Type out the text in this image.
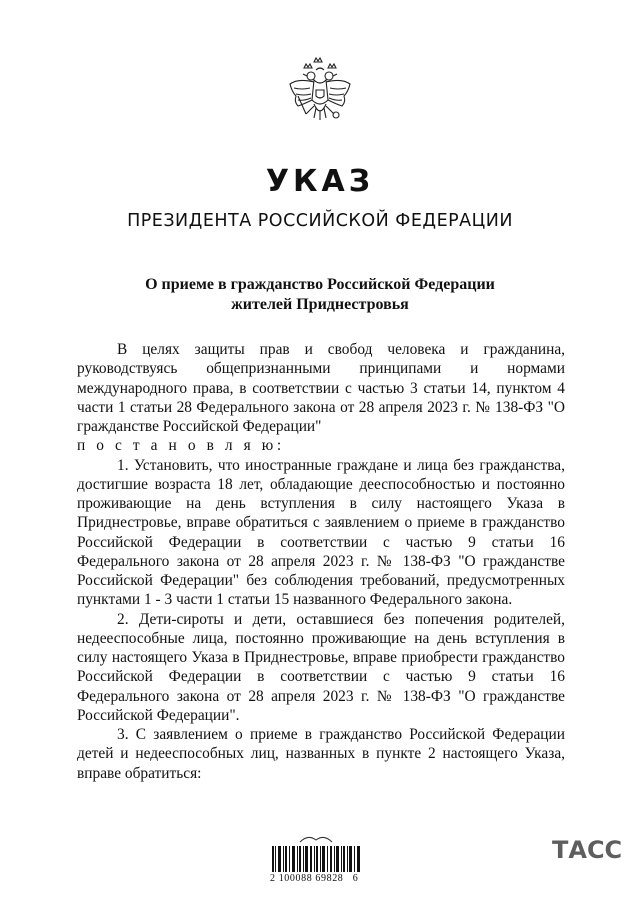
УКАЗ
ПРЕЗИДЕНТА РОССИЙСКОЙ ФЕДЕРАЦИИ
О приеме в гражданство Российской Федерации
жителей Приднестровья

В целях защиты прав и свобод человека и гражданина, руководствуясь общепризнанными принципами и нормами международного права, в соответствии с частью 3 статьи 14, пунктом 4 части 1 статьи 28 Федерального закона от 28 апреля 2023 г. № 138-ФЗ "О гражданстве Российской Федерации"

п о с т а н о в л я ю:

1. Установить, что иностранные граждане и лица без гражданства, достигшие возраста 18 лет, обладающие дееспособностью и постоянно проживающие на день вступления в силу настоящего Указа в Приднестровье, вправе обратиться с заявлением о приеме в гражданство Российской Федерации в соответствии с частью 9 статьи 16 Федерального закона от 28 апреля 2023 г. № 138-ФЗ "О гражданстве Российской Федерации" без соблюдения требований, предусмотренных пунктами 1 - 3 части 1 статьи 15 названного Федерального закона.

2. Дети-сироты и дети, оставшиеся без попечения родителей, недееспособные лица, постоянно проживающие на день вступления в силу настоящего Указа в Приднестровье, вправе приобрести гражданство Российской Федерации в соответствии с частью 9 статьи 16 Федерального закона от 28 апреля 2023 г. № 138-ФЗ "О гражданстве Российской Федерации".

3. С заявлением о приеме в гражданство Российской Федерации детей и недееспособных лиц, названных в пункте 2 настоящего Указа, вправе обратиться:

2 100088 69828   6
ТАСС
